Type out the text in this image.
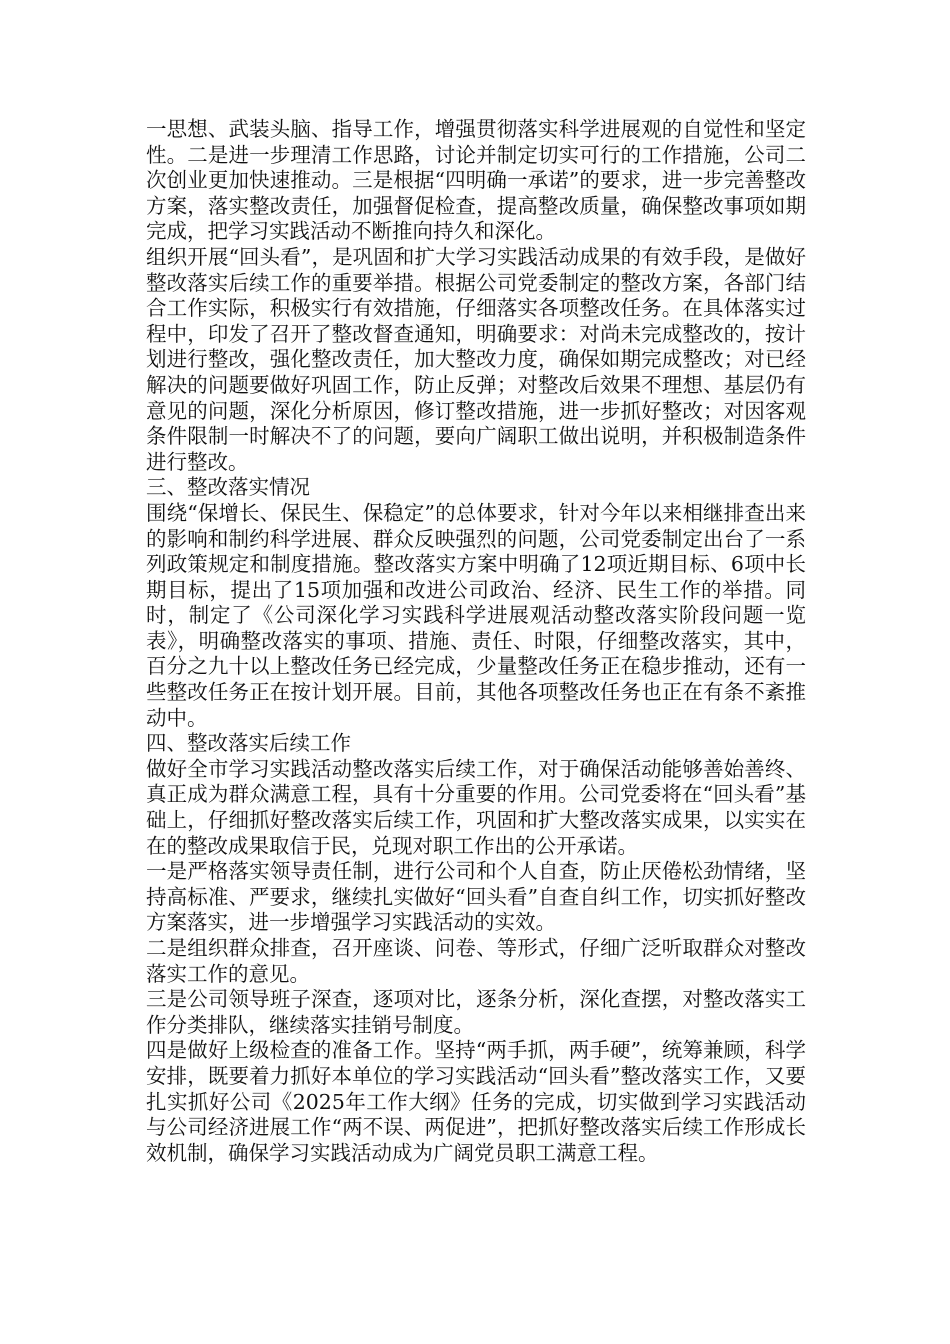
一思想、武装头脑、指导工作，增强贯彻落实科学进展观的自觉性和坚定性。二是进一步理清工作思路，讨论并制定切实可行的工作措施，公司二次创业更加快速推动。三是根据“四明确一承诺”的要求，进一步完善整改方案，落实整改责任，加强督促检查，提高整改质量，确保整改事项如期完成，把学习实践活动不断推向持久和深化。

组织开展“回头看”，是巩固和扩大学习实践活动成果的有效手段，是做好整改落实后续工作的重要举措。根据公司党委制定的整改方案，各部门结合工作实际，积极实行有效措施，仔细落实各项整改任务。在具体落实过程中，印发了召开了整改督查通知，明确要求：对尚未完成整改的，按计划进行整改，强化整改责任，加大整改力度，确保如期完成整改；对已经解决的问题要做好巩固工作，防止反弹；对整改后效果不理想、基层仍有意见的问题，深化分析原因，修订整改措施，进一步抓好整改；对因客观条件限制一时解决不了的问题，要向广阔职工做出说明，并积极制造条件进行整改。

三、整改落实情况

围绕“保增长、保民生、保稳定”的总体要求，针对今年以来相继排查出来的影响和制约科学进展、群众反映强烈的问题，公司党委制定出台了一系列政策规定和制度措施。整改落实方案中明确了12项近期目标、6项中长期目标，提出了15项加强和改进公司政治、经济、民生工作的举措。同时，制定了《公司深化学习实践科学进展观活动整改落实阶段问题一览表》，明确整改落实的事项、措施、责任、时限，仔细整改落实，其中，百分之九十以上整改任务已经完成，少量整改任务正在稳步推动，还有一些整改任务正在按计划开展。目前，其他各项整改任务也正在有条不紊推动中。

四、整改落实后续工作

做好全市学习实践活动整改落实后续工作，对于确保活动能够善始善终、真正成为群众满意工程，具有十分重要的作用。公司党委将在“回头看”基础上，仔细抓好整改落实后续工作，巩固和扩大整改落实成果，以实实在在的整改成果取信于民，兑现对职工作出的公开承诺。

一是严格落实领导责任制，进行公司和个人自查，防止厌倦松劲情绪，坚持高标准、严要求，继续扎实做好“回头看”自查自纠工作，切实抓好整改方案落实，进一步增强学习实践活动的实效。

二是组织群众排查，召开座谈、问卷、等形式，仔细广泛听取群众对整改落实工作的意见。

三是公司领导班子深查，逐项对比，逐条分析，深化查摆，对整改落实工作分类排队，继续落实挂销号制度。

四是做好上级检查的准备工作。坚持“两手抓，两手硬”，统筹兼顾，科学安排，既要着力抓好本单位的学习实践活动“回头看”整改落实工作，又要扎实抓好公司《2025年工作大纲》任务的完成，切实做到学习实践活动与公司经济进展工作“两不误、两促进”，把抓好整改落实后续工作形成长效机制，确保学习实践活动成为广阔党员职工满意工程。
